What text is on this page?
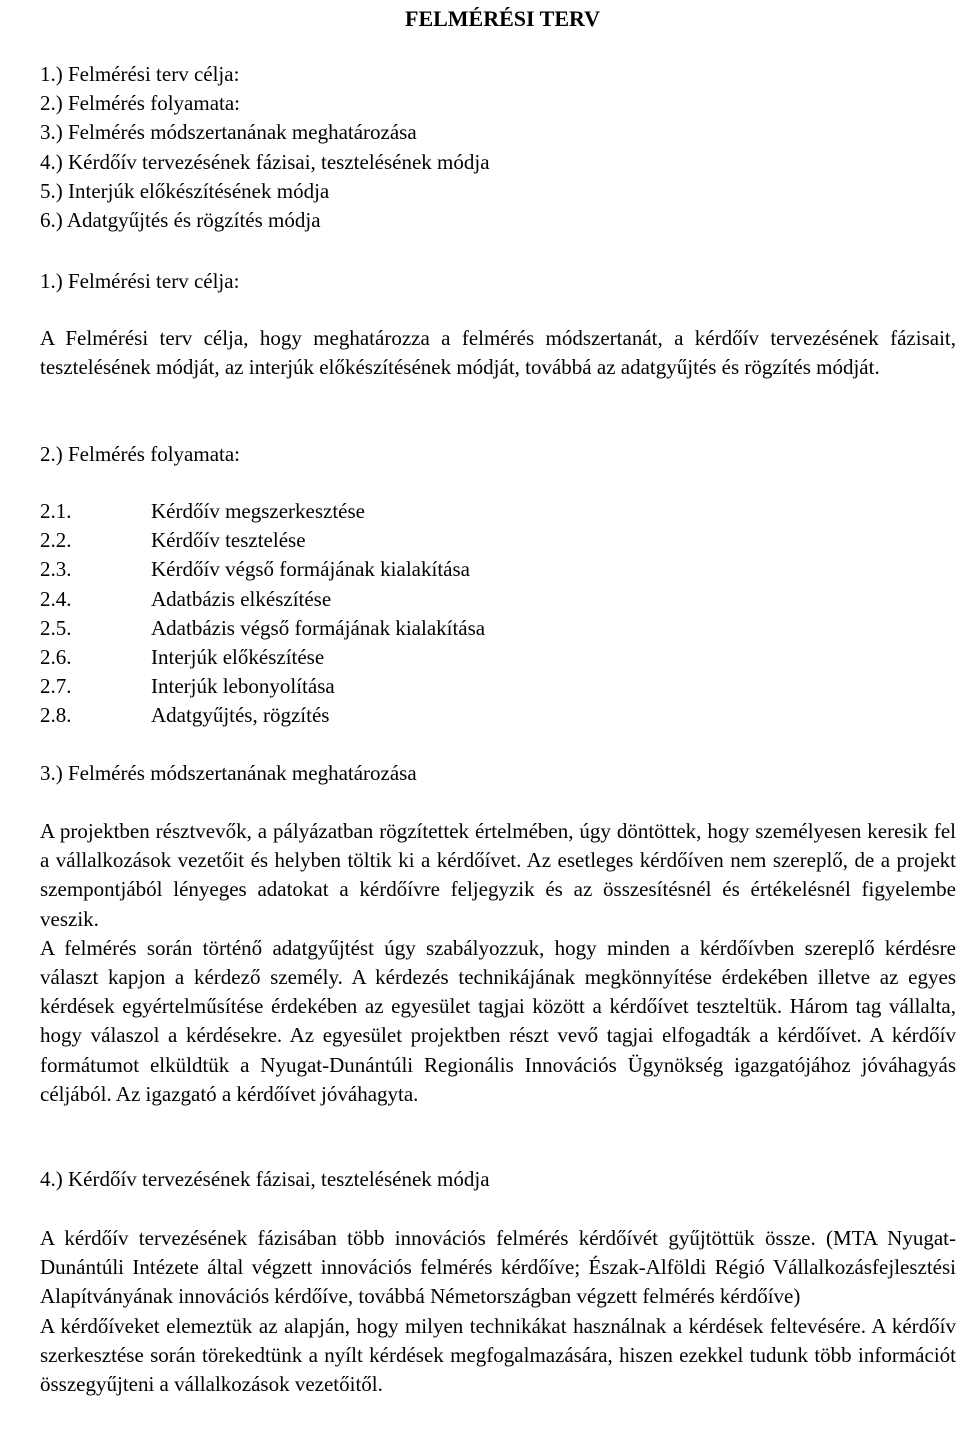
FELMÉRÉSI TERV
1.) Felmérési terv célja:
2.) Felmérés folyamata:
3.) Felmérés módszertanának meghatározása
4.) Kérdőív tervezésének fázisai, tesztelésének módja
5.) Interjúk előkészítésének módja
6.) Adatgyűjtés és rögzítés módja
1.) Felmérési terv célja:

A Felmérési terv célja, hogy meghatározza a felmérés módszertanát, a kérdőív tervezésének fázisait, tesztelésének módját, az interjúk előkészítésének módját, továbbá az adatgyűjtés és rögzítés módját.

2.) Felmérés folyamata:
2.1.	Kérdőív megszerkesztése
2.2.	Kérdőív tesztelése
2.3.	Kérdőív végső formájának kialakítása
2.4.	Adatbázis elkészítése
2.5.	Adatbázis végső formájának kialakítása
2.6.	Interjúk előkészítése
2.7.	Interjúk lebonyolítása
2.8.	Adatgyűjtés, rögzítés
3.) Felmérés módszertanának meghatározása

A projektben résztvevők, a pályázatban rögzítettek értelmében, úgy döntöttek, hogy személyesen keresik fel a vállalkozások vezetőit és helyben töltik ki a kérdőívet. Az esetleges kérdőíven nem szereplő, de a projekt szempontjából lényeges adatokat a kérdőívre feljegyzik és az összesítésnél és értékelésnél figyelembe veszik.

A felmérés során történő adatgyűjtést úgy szabályozzuk, hogy minden a kérdőívben szereplő kérdésre választ kapjon a kérdező személy. A kérdezés technikájának megkönnyítése érdekében illetve az egyes kérdések egyértelműsítése érdekében az egyesület tagjai között a kérdőívet teszteltük. Három tag vállalta, hogy válaszol a kérdésekre. Az egyesület projektben részt vevő tagjai elfogadták a kérdőívet. A kérdőív formátumot elküldtük a Nyugat-Dunántúli Regionális Innovációs Ügynökség igazgatójához jóváhagyás céljából. Az igazgató a kérdőívet jóváhagyta.

4.) Kérdőív tervezésének fázisai, tesztelésének módja

A kérdőív tervezésének fázisában több innovációs felmérés kérdőívét gyűjtöttük össze. (MTA Nyugat-Dunántúli Intézete által végzett innovációs felmérés kérdőíve; Észak-Alföldi Régió Vállalkozásfejlesztési Alapítványának innovációs kérdőíve, továbbá Németországban végzett felmérés kérdőíve)

A kérdőíveket elemeztük az alapján, hogy milyen technikákat használnak a kérdések feltevésére. A kérdőív szerkesztése során törekedtünk a nyílt kérdések megfogalmazására, hiszen ezekkel tudunk több információt összegyűjteni a vállalkozások vezetőitől.
